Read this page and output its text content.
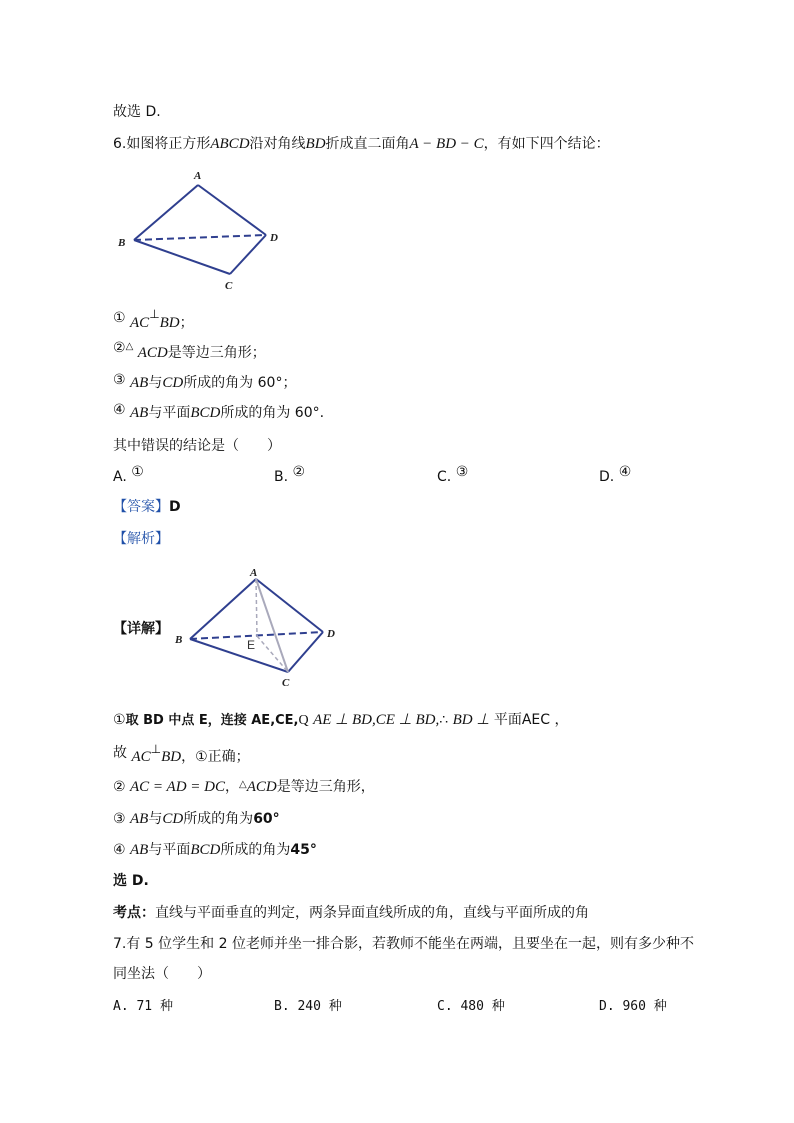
故选 D.
6.如图将正方形ABCD沿对角线BD折成直二面角A − BD − C，有如下四个结论：
A
B
C
D
① AC⊥BD；
②△ ACD是等边三角形；
③ AB与CD所成的角为 60°；
④ AB与平面BCD所成的角为 60°.
其中错误的结论是（　　）
A. ①	B. ②	C. ③	D. ④
【答案】D
【解析】
【详解】
A
B
C
D
E
①取 BD 中点 E，连接 AE,CE,Q AE ⊥ BD,CE ⊥ BD,∴ BD ⊥ 平面AEC ，
故 AC⊥BD，①正确；
② AC = AD = DC，△ACD是等边三角形，
③ AB与CD所成的角为60°
④ AB与平面BCD所成的角为45°
选 D.
考点：直线与平面垂直的判定，两条异面直线所成的角，直线与平面所成的角
7.有 5 位学生和 2 位老师并坐一排合影，若教师不能坐在两端，且要坐在一起，则有多少种不
同坐法（　　）
A. 71 种	B. 240 种	C. 480 种	D. 960 种
